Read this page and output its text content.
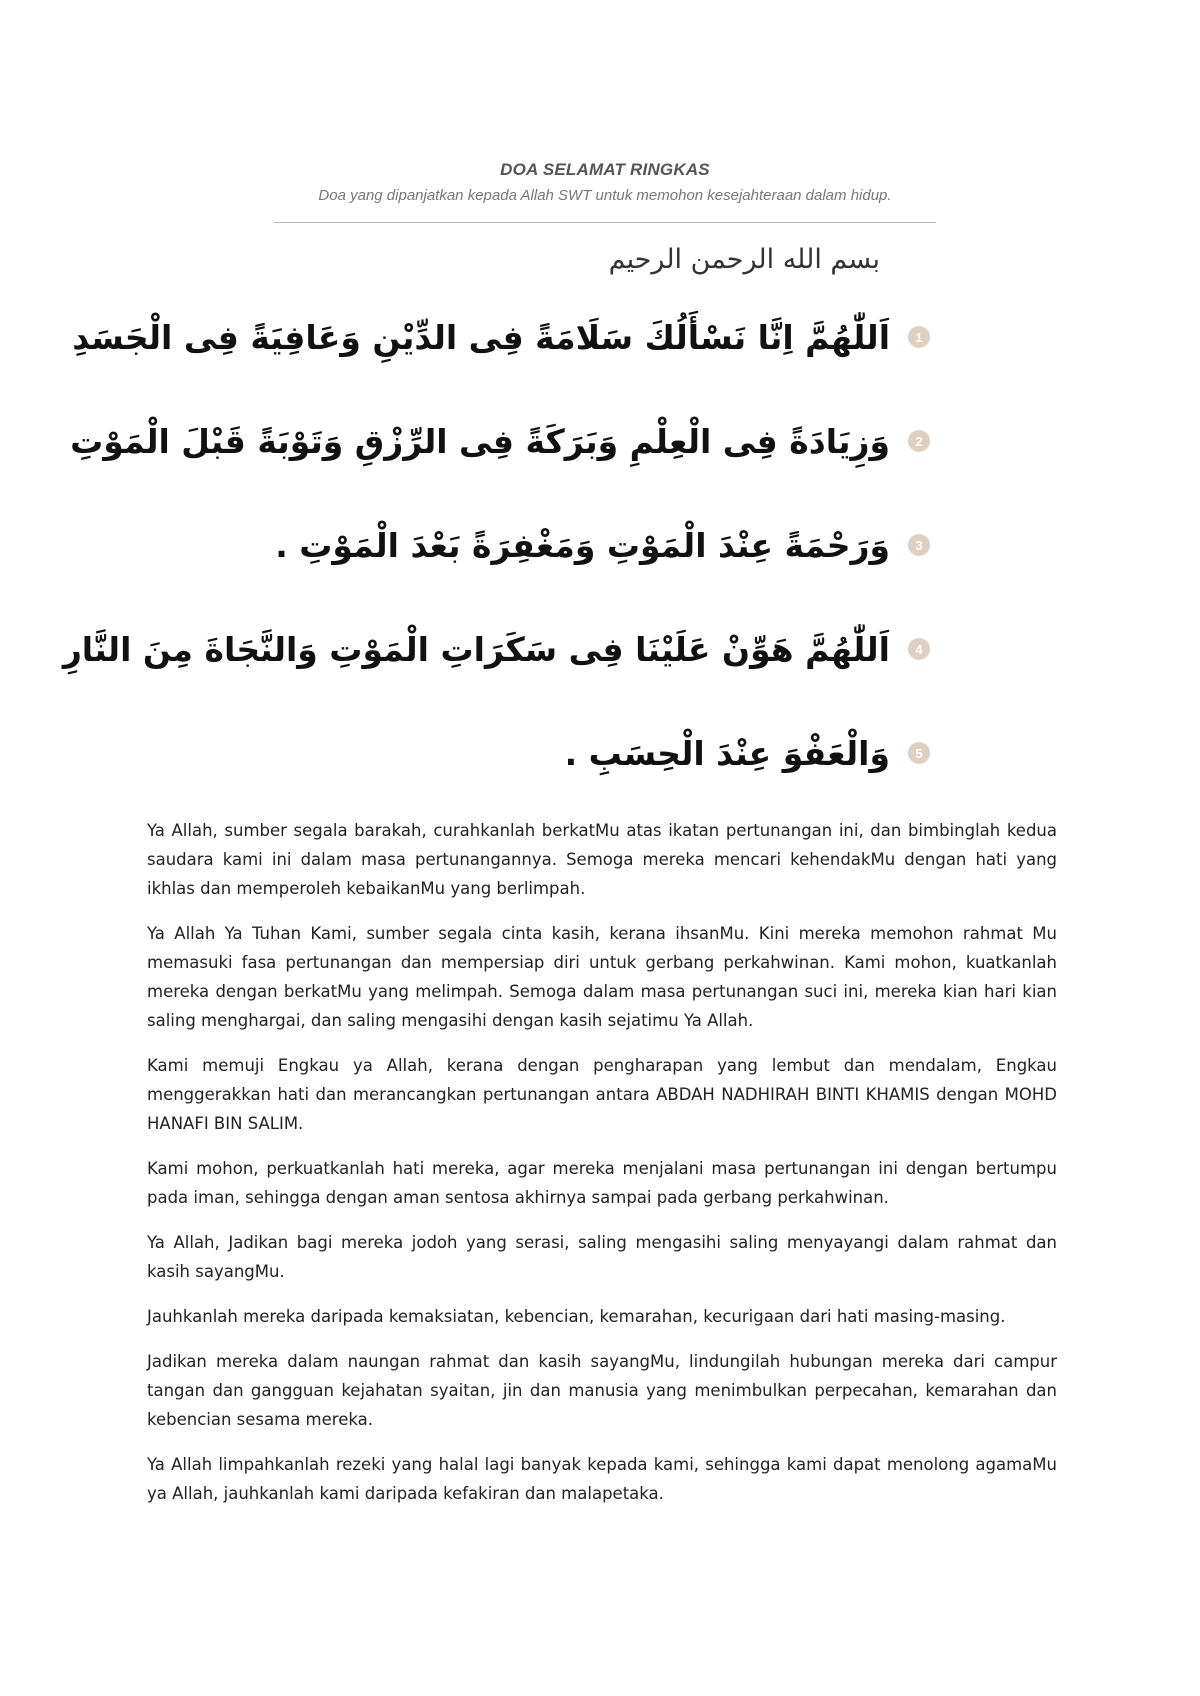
DOA SELAMAT RINGKAS
Doa yang dipanjatkan kepada Allah SWT untuk memohon kesejahteraan dalam hidup.
بسم الله الرحمن الرحيم
اَللّٰهُمَّ اِنَّا نَسْأَلُكَ سَلَامَةً فِى الدِّيْنِ وَعَافِيَةً فِى الْجَسَدِ	1
وَزِيَادَةً فِى الْعِلْمِ وَبَرَكَةً فِى الرِّزْقِ وَتَوْبَةً قَبْلَ الْمَوْتِ	2
وَرَحْمَةً عِنْدَ الْمَوْتِ وَمَغْفِرَةً بَعْدَ الْمَوْتِ .	3
اَللّٰهُمَّ هَوِّنْ عَلَيْنَا فِى سَكَرَاتِ الْمَوْتِ وَالنَّجَاةَ مِنَ النَّارِ	4
وَالْعَفْوَ عِنْدَ الْحِسَبِ .	5

Ya Allah, sumber segala barakah, curahkanlah berkatMu atas ikatan pertunangan ini, dan bimbinglah kedua saudara kami ini dalam masa pertunangannya. Semoga mereka mencari kehendakMu dengan hati yang ikhlas dan memperoleh kebaikanMu yang berlimpah.

Ya Allah Ya Tuhan Kami, sumber segala cinta kasih, kerana ihsanMu. Kini mereka memohon rahmat Mu memasuki fasa pertunangan dan mempersiap diri untuk gerbang perkahwinan. Kami mohon, kuatkanlah mereka dengan berkatMu yang melimpah. Semoga dalam masa pertunangan suci ini, mereka kian hari kian saling menghargai, dan saling mengasihi dengan kasih sejatimu Ya Allah.

Kami memuji Engkau ya Allah, kerana dengan pengharapan yang lembut dan mendalam, Engkau menggerakkan hati dan merancangkan pertunangan antara ABDAH NADHIRAH BINTI KHAMIS dengan MOHD HANAFI BIN SALIM.

Kami mohon, perkuatkanlah hati mereka, agar mereka menjalani masa pertunangan ini dengan bertumpu pada iman, sehingga dengan aman sentosa akhirnya sampai pada gerbang perkahwinan.

Ya Allah, Jadikan bagi mereka jodoh yang serasi, saling mengasihi saling menyayangi dalam rahmat dan kasih sayangMu.

Jauhkanlah mereka daripada kemaksiatan, kebencian, kemarahan, kecurigaan dari hati masing-masing.

Jadikan mereka dalam naungan rahmat dan kasih sayangMu, lindungilah hubungan mereka dari campur tangan dan gangguan kejahatan syaitan, jin dan manusia yang menimbulkan perpecahan, kemarahan dan kebencian sesama mereka.

Ya Allah limpahkanlah rezeki yang halal lagi banyak kepada kami, sehingga kami dapat menolong agamaMu ya Allah, jauhkanlah kami daripada kefakiran dan malapetaka.
